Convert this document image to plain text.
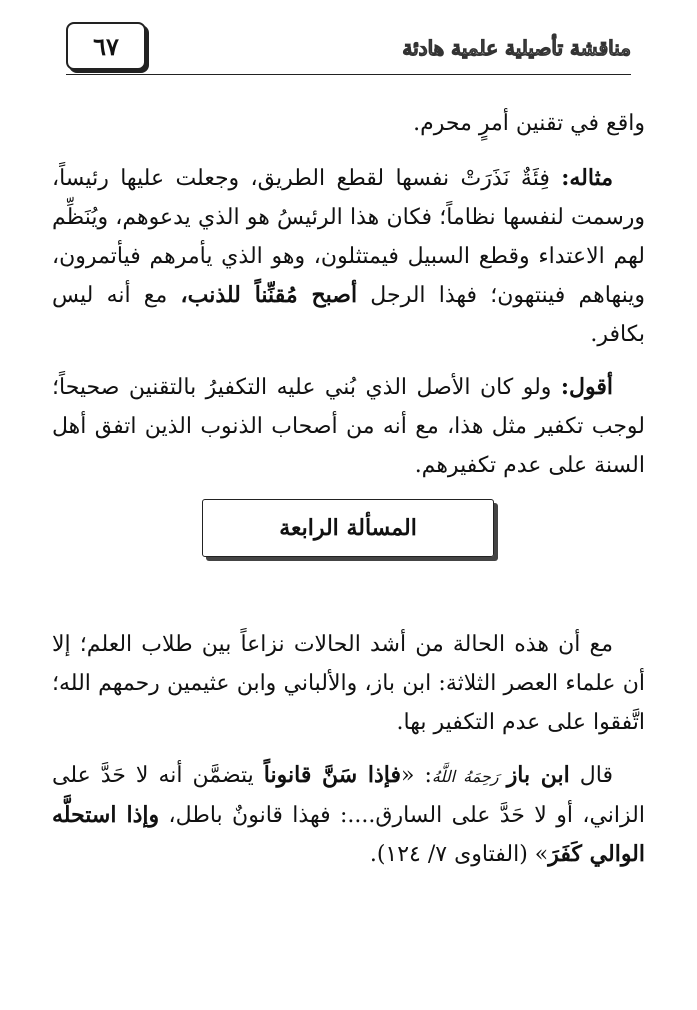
٦٧	مناقشة تأصيلية علمية هادئة

واقع في تقنين أمرٍ محرم.

مثاله: فِئَةٌ نَذَرَتْ نفسها لقطع الطريق، وجعلت عليها رئيساً، ورسمت لنفسها نظاماً؛ فكان هذا الرئيسُ هو الذي يدعوهم، ويُنَظِّم لهم الاعتداء وقطع السبيل فيمتثلون، وهو الذي يأمرهم فيأتمرون، وينهاهم فينتهون؛ فهذا الرجل أصبح مُقنِّناً للذنب، مع أنه ليس بكافر.

أقول: ولو كان الأصل الذي بُني عليه التكفيرُ بالتقنين صحيحاً؛ لوجب تكفير مثل هذا، مع أنه من أصحاب الذنوب الذين اتفق أهل السنة على عدم تكفيرهم.

المسألة الرابعة

مع أن هذه الحالة من أشد الحالات نزاعاً بين طلاب العلم؛ إلا أن علماء العصر الثلاثة: ابن باز، والألباني وابن عثيمين رحمهم الله؛ اتَّفقوا على عدم التكفير بها.

قال ابن باز رَحِمَهُ اللَّهُ: «فإذا سَنَّ قانوناً يتضمَّن أنه لا حَدَّ على الزاني، أو لا حَدَّ على السارق....: فهذا قانونٌ باطل، وإذا استحلَّه الوالي كَفَرَ» (الفتاوى ٧/ ١٢٤).
